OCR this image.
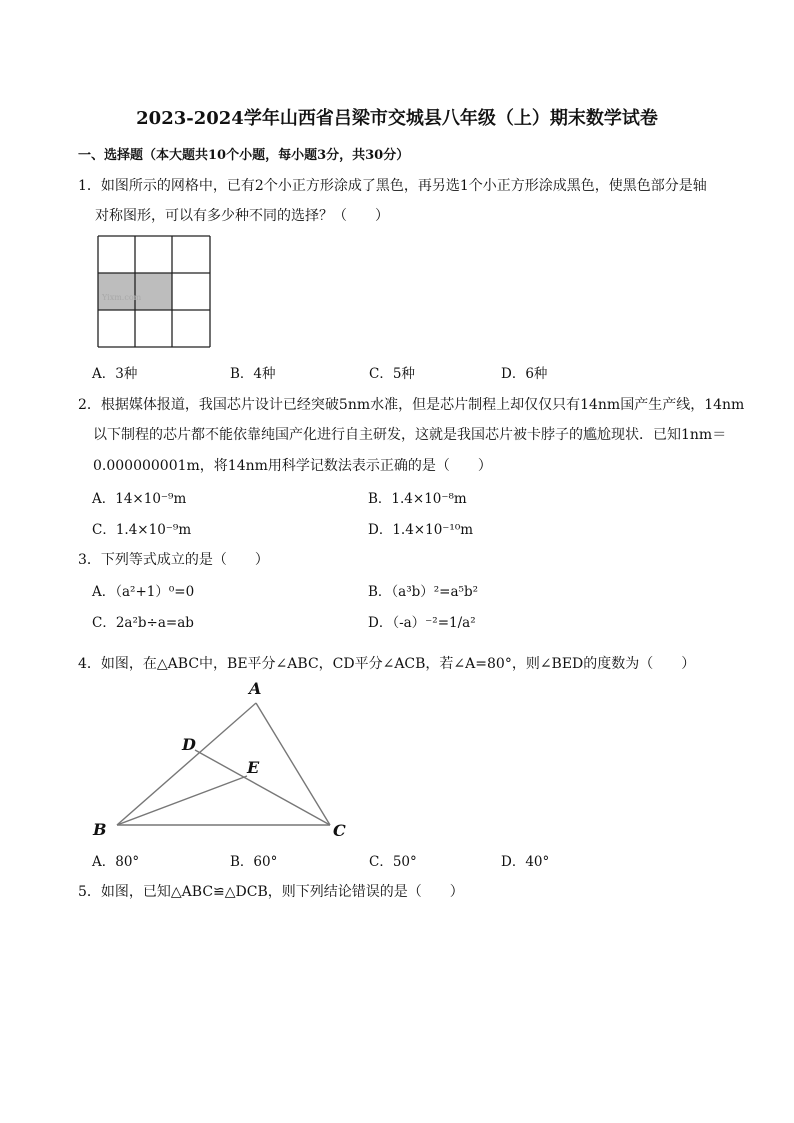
2023-2024学年山西省吕梁市交城县八年级（上）期末数学试卷
一、选择题（本大题共10个小题，每小题3分，共30分）
1．如图所示的网格中，已有2个小正方形涂成了黑色，再另选1个小正方形涂成黑色，使黑色部分是轴
对称图形，可以有多少种不同的选择？（　　）
Yixm.com
A．3种	B．4种	C．5种	D．6种
2．根据媒体报道，我国芯片设计已经突破5nm水准，但是芯片制程上却仅仅只有14nm国产生产线，14nm
以下制程的芯片都不能依靠纯国产化进行自主研发，这就是我国芯片被卡脖子的尴尬现状．已知1nm＝
0.000000001m，将14nm用科学记数法表示正确的是（　　）
A．14×10⁻⁹m	B．1.4×10⁻⁸m
C．1.4×10⁻⁹m	D．1.4×10⁻¹⁰m
3．下列等式成立的是（　　）
A．（a²+1）⁰=0	B．（a³b）²=a⁵b²
C．2a²b÷a=ab	D．（-a）⁻²=1/a²
4．如图，在△ABC中，BE平分∠ABC，CD平分∠ACB，若∠A=80°，则∠BED的度数为（　　）
A
B	C
D
E
A．80°	B．60°	C．50°	D．40°
5．如图，已知△ABC≌△DCB，则下列结论错误的是（　　）
